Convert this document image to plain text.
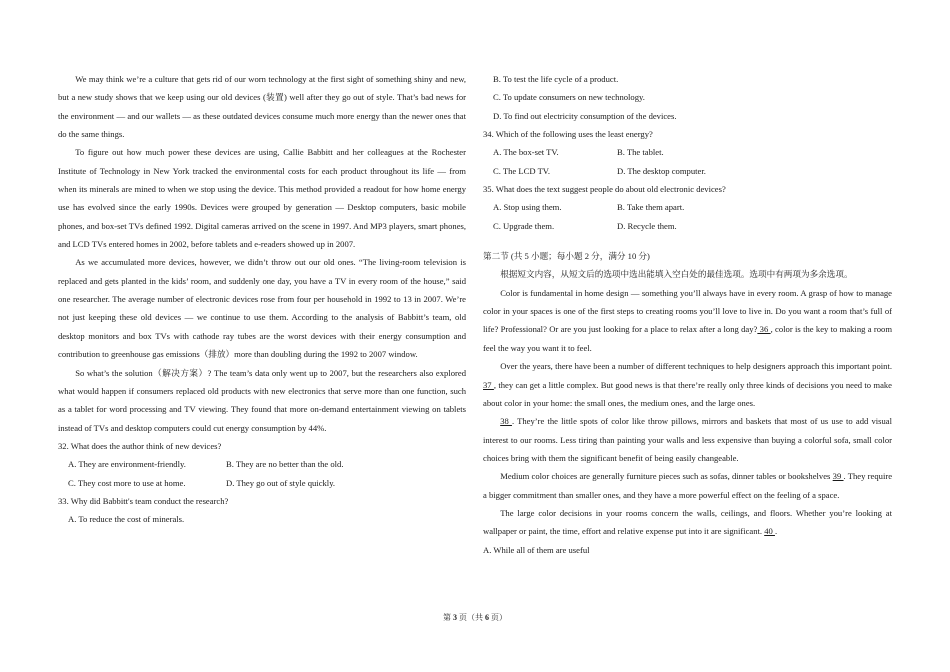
We may think we’re a culture that gets rid of our worn technology at the first sight of something shiny and new, but a new study shows that we keep using our old devices (装置) well after they go out of style. That’s bad news for the environment — and our wallets — as these outdated devices consume much more energy than the newer ones that do the same things.

To figure out how much power these devices are using, Callie Babbitt and her colleagues at the Rochester Institute of Technology in New York tracked the environmental costs for each product throughout its life — from when its minerals are mined to when we stop using the device. This method provided a readout for how home energy use has evolved since the early 1990s. Devices were grouped by generation — Desktop computers, basic mobile phones, and box-set TVs defined 1992. Digital cameras arrived on the scene in 1997. And MP3 players, smart phones, and LCD TVs entered homes in 2002, before tablets and e-readers showed up in 2007.

As we accumulated more devices, however, we didn’t throw out our old ones. “The living-room television is replaced and gets planted in the kids’ room, and suddenly one day, you have a TV in every room of the house,” said one researcher. The average number of electronic devices rose from four per household in 1992 to 13 in 2007. We’re not just keeping these old devices — we continue to use them. According to the analysis of Babbitt’s team, old desktop monitors and box TVs with cathode ray tubes are the worst devices with their energy consumption and contribution to greenhouse gas emissions（排放）more than doubling during the 1992 to 2007 window.

So what’s the solution（解决方案）? The team’s data only went up to 2007, but the researchers also explored what would happen if consumers replaced old products with new electronics that serve more than one function, such as a tablet for word processing and TV viewing. They found that more on-demand entertainment viewing on tablets instead of TVs and desktop computers could cut energy consumption by 44%.

32. What does the author think of new devices?

A. They are environment-friendly.	B. They are no better than the old.
C. They cost more to use at home.	D. They go out of style quickly.

33. Why did Babbitt's team conduct the research?

A. To reduce the cost of minerals.

B. To test the life cycle of a product.

C. To update consumers on new technology.

D. To find out electricity consumption of the devices.

34. Which of the following uses the least energy?

A. The box-set TV.	B. The tablet.
C. The LCD TV.	D. The desktop computer.

35. What does the text suggest people do about old electronic devices?

A. Stop using them.	B. Take them apart.
C. Upgrade them.	D. Recycle them.

第二节 (共 5 小题；每小题 2 分，满分 10 分)

根据短文内容，从短文后的选项中选出能填入空白处的最佳选项。选项中有两项为多余选项。

Color is fundamental in home design — something you’ll always have in every room. A grasp of how to manage color in your spaces is one of the first steps to creating rooms you’ll love to live in. Do you want a room that’s full of life? Professional? Or are you just looking for a place to relax after a long day? 36 , color is the key to making a room feel the way you want it to feel.

Over the years, there have been a number of different techniques to help designers approach this important point. 37 , they can get a little complex. But good news is that there’re really only three kinds of decisions you need to make about color in your home: the small ones, the medium ones, and the large ones.

38 . They’re the little spots of color like throw pillows, mirrors and baskets that most of us use to add visual interest to our rooms. Less tiring than painting your walls and less expensive than buying a colorful sofa, small color choices bring with them the significant benefit of being easily changeable.

Medium color choices are generally furniture pieces such as sofas, dinner tables or bookshelves 39 . They require a bigger commitment than smaller ones, and they have a more powerful effect on the feeling of a space.

The large color decisions in your rooms concern the walls, ceilings, and floors. Whether you’re looking at wallpaper or paint, the time, effort and relative expense put into it are significant. 40 .

A. While all of them are useful

第 3 页（共 6 页）
